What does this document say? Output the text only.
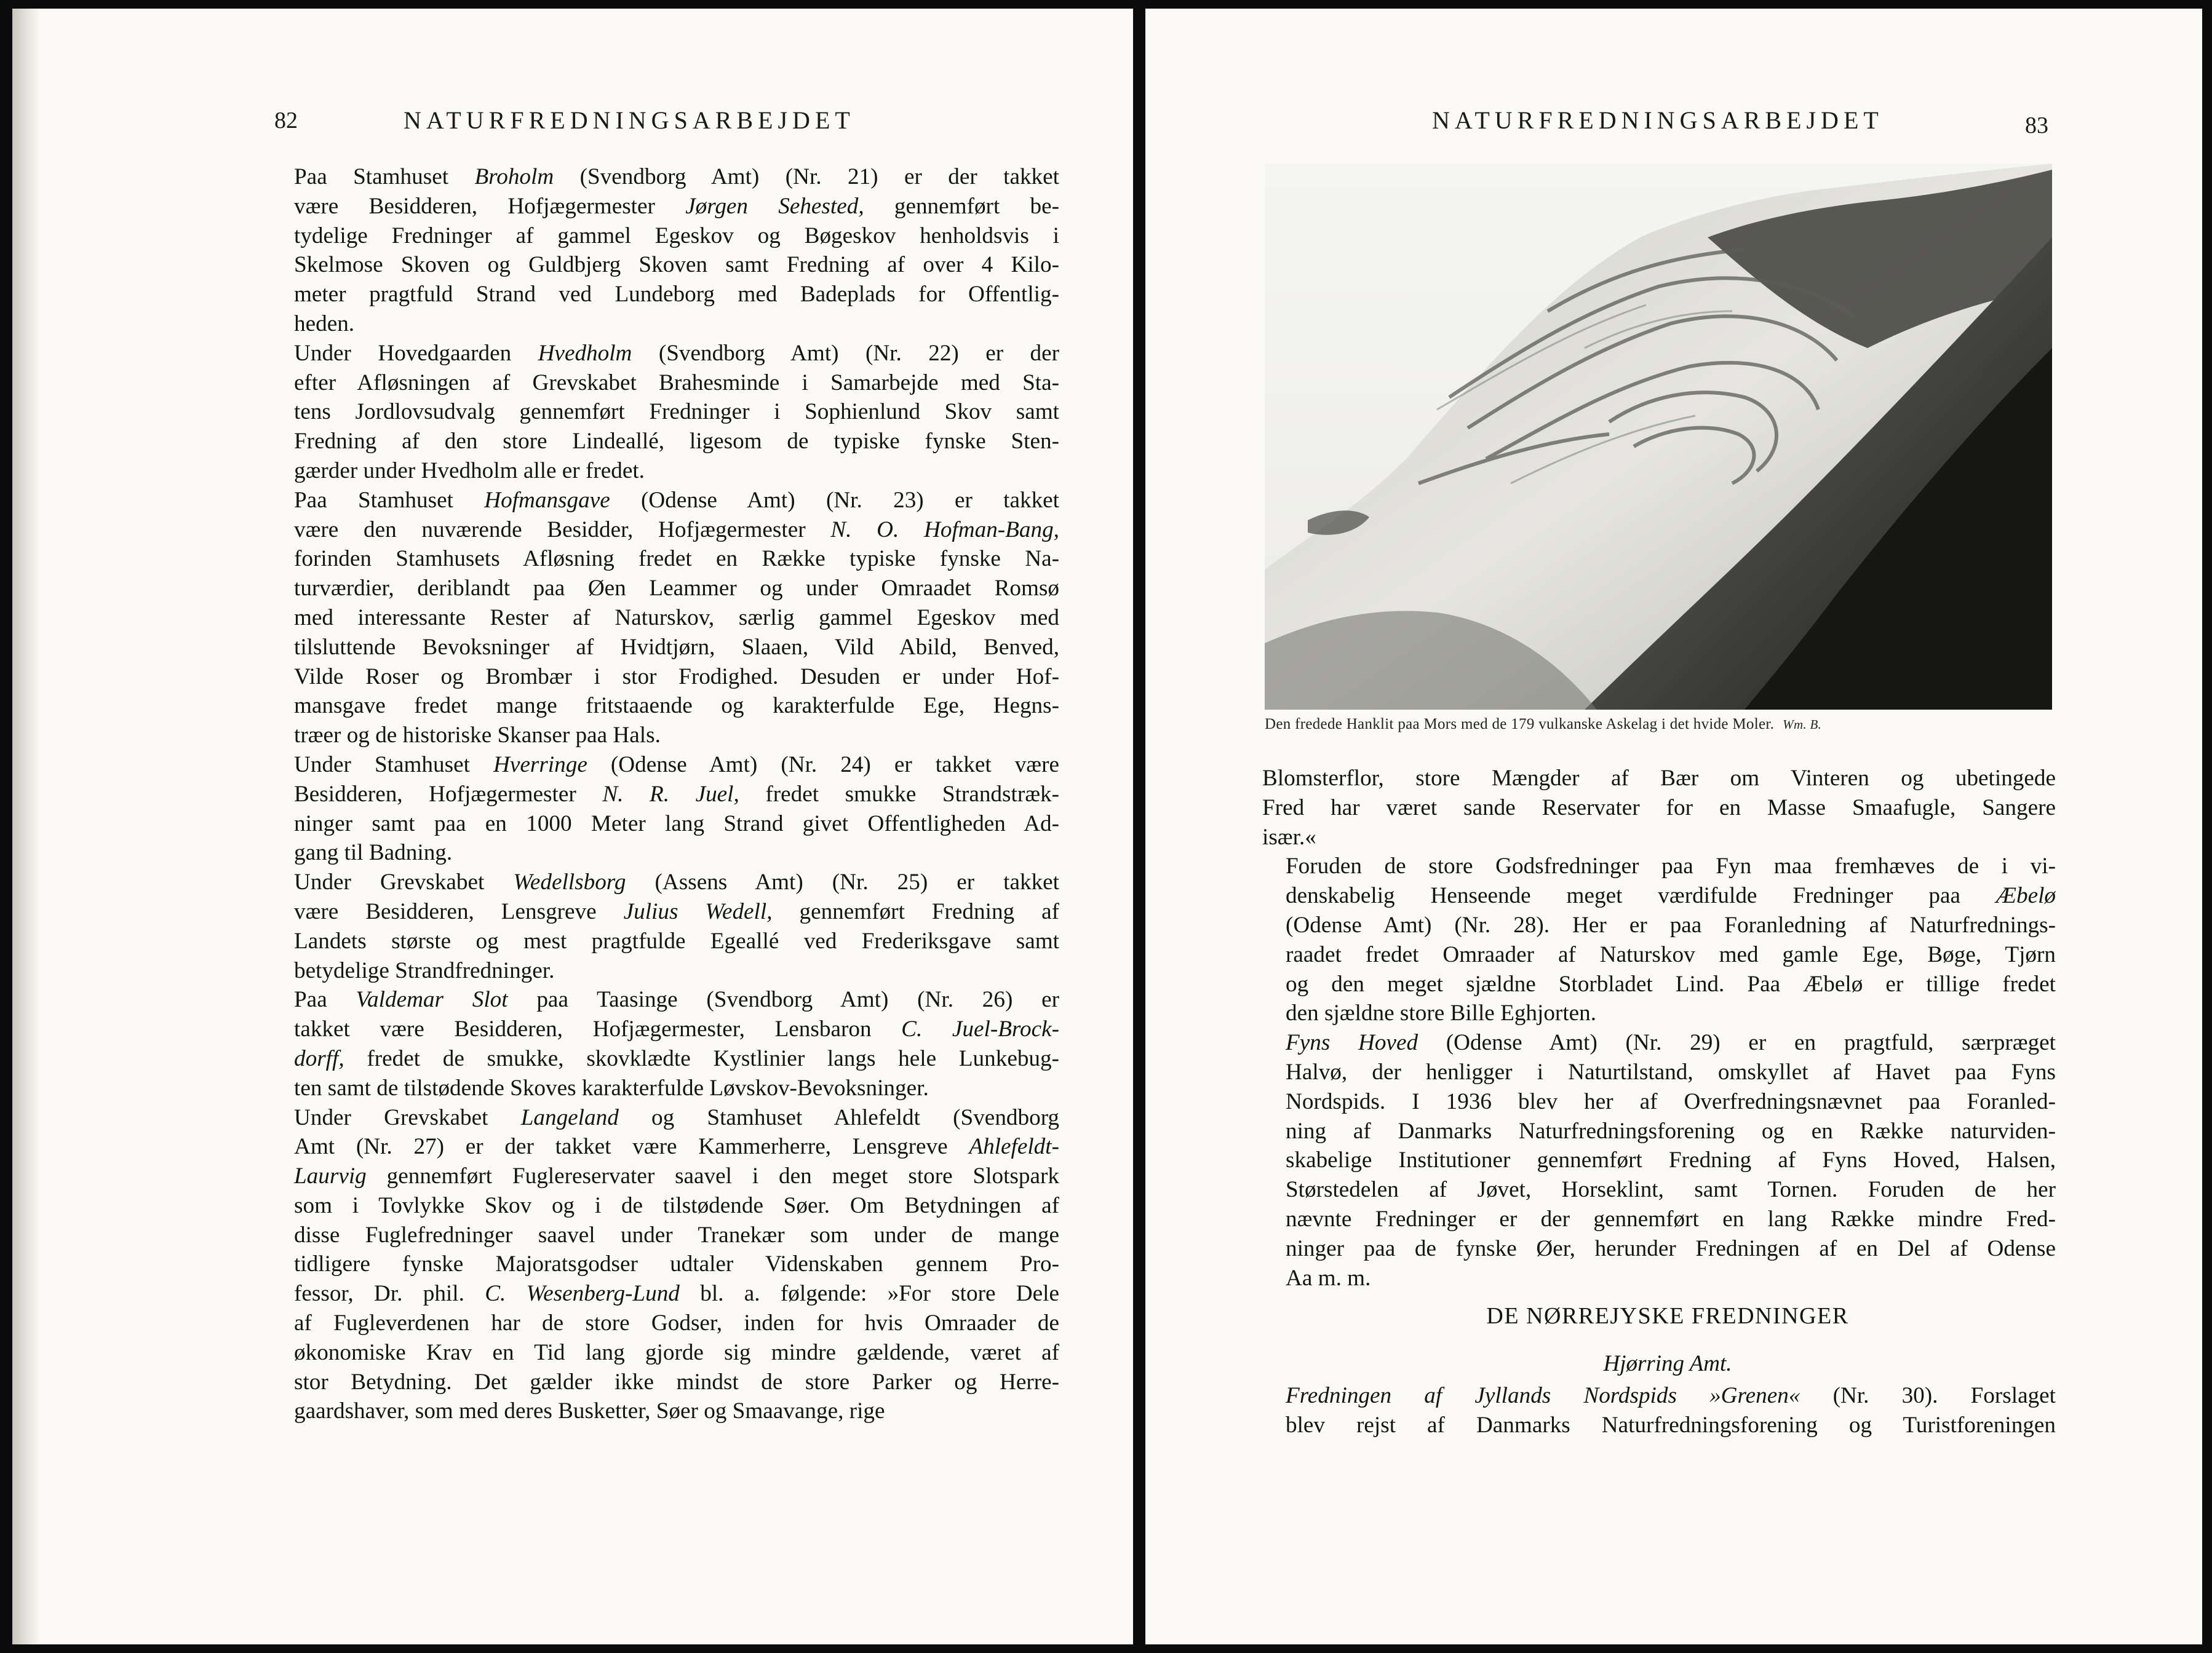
82	NATURFREDNINGSARBEJDET

Paa Stamhuset Broholm (Svendborg Amt) (Nr. 21) er der takket
være Besidderen, Hofjægermester Jørgen Sehested, gennemført be-
tydelige Fredninger af gammel Egeskov og Bøgeskov henholdsvis i
Skelmose Skoven og Guldbjerg Skoven samt Fredning af over 4 Kilo-
meter pragtfuld Strand ved Lundeborg med Badeplads for Offentlig-
heden.

Under Hovedgaarden Hvedholm (Svendborg Amt) (Nr. 22) er der
efter Afløsningen af Grevskabet Brahesminde i Samarbejde med Sta-
tens Jordlovsudvalg gennemført Fredninger i Sophienlund Skov samt
Fredning af den store Lindeallé, ligesom de typiske fynske Sten-
gærder under Hvedholm alle er fredet.

Paa Stamhuset Hofmansgave (Odense Amt) (Nr. 23) er takket
være den nuværende Besidder, Hofjægermester N. O. Hofman-Bang,
forinden Stamhusets Afløsning fredet en Række typiske fynske Na-
turværdier, deriblandt paa Øen Leammer og under Omraadet Romsø
med interessante Rester af Naturskov, særlig gammel Egeskov med
tilsluttende Bevoksninger af Hvidtjørn, Slaaen, Vild Abild, Benved,
Vilde Roser og Brombær i stor Frodighed. Desuden er under Hof-
mansgave fredet mange fritstaaende og karakterfulde Ege, Hegns-
træer og de historiske Skanser paa Hals.

Under Stamhuset Hverringe (Odense Amt) (Nr. 24) er takket være
Besidderen, Hofjægermester N. R. Juel, fredet smukke Strandstræk-
ninger samt paa en 1000 Meter lang Strand givet Offentligheden Ad-
gang til Badning.

Under Grevskabet Wedellsborg (Assens Amt) (Nr. 25) er takket
være Besidderen, Lensgreve Julius Wedell, gennemført Fredning af
Landets største og mest pragtfulde Egeallé ved Frederiksgave samt
betydelige Strandfredninger.

Paa Valdemar Slot paa Taasinge (Svendborg Amt) (Nr. 26) er
takket være Besidderen, Hofjægermester, Lensbaron C. Juel-Brock-
dorff, fredet de smukke, skovklædte Kystlinier langs hele Lunkebug-
ten samt de tilstødende Skoves karakterfulde Løvskov-Bevoksninger.

Under Grevskabet Langeland og Stamhuset Ahlefeldt (Svendborg
Amt (Nr. 27) er der takket være Kammerherre, Lensgreve Ahlefeldt-
Laurvig gennemført Fuglereservater saavel i den meget store Slotspark
som i Tovlykke Skov og i de tilstødende Søer. Om Betydningen af
disse Fuglefredninger saavel under Tranekær som under de mange
tidligere fynske Majoratsgodser udtaler Videnskaben gennem Pro-
fessor, Dr. phil. C. Wesenberg-Lund bl. a. følgende: »For store Dele
af Fugleverdenen har de store Godser, inden for hvis Omraader de
økonomiske Krav en Tid lang gjorde sig mindre gældende, været af
stor Betydning. Det gælder ikke mindst de store Parker og Herre-
gaardshaver, som med deres Busketter, Søer og Smaavange, rige

NATURFREDNINGSARBEJDET	83
Den fredede Hanklit paa Mors med de 179 vulkanske Askelag i det hvide Moler. Wm. B.

Blomsterflor, store Mængder af Bær om Vinteren og ubetingede
Fred har været sande Reservater for en Masse Smaafugle, Sangere
især.«

Foruden de store Godsfredninger paa Fyn maa fremhæves de i vi-
denskabelig Henseende meget værdifulde Fredninger paa Æbelø
(Odense Amt) (Nr. 28). Her er paa Foranledning af Naturfrednings-
raadet fredet Omraader af Naturskov med gamle Ege, Bøge, Tjørn
og den meget sjældne Storbladet Lind. Paa Æbelø er tillige fredet
den sjældne store Bille Eghjorten.

Fyns Hoved (Odense Amt) (Nr. 29) er en pragtfuld, særpræget
Halvø, der henligger i Naturtilstand, omskyllet af Havet paa Fyns
Nordspids. I 1936 blev her af Overfredningsnævnet paa Foranled-
ning af Danmarks Naturfredningsforening og en Række naturviden-
skabelige Institutioner gennemført Fredning af Fyns Hoved, Halsen,
Størstedelen af Jøvet, Horseklint, samt Tornen. Foruden de her
nævnte Fredninger er der gennemført en lang Række mindre Fred-
ninger paa de fynske Øer, herunder Fredningen af en Del af Odense
Aa m. m.

DE NØRREJYSKE FREDNINGER
Hjørring Amt.

Fredningen af Jyllands Nordspids »Grenen« (Nr. 30). Forslaget
blev rejst af Danmarks Naturfredningsforening og Turistforeningen
